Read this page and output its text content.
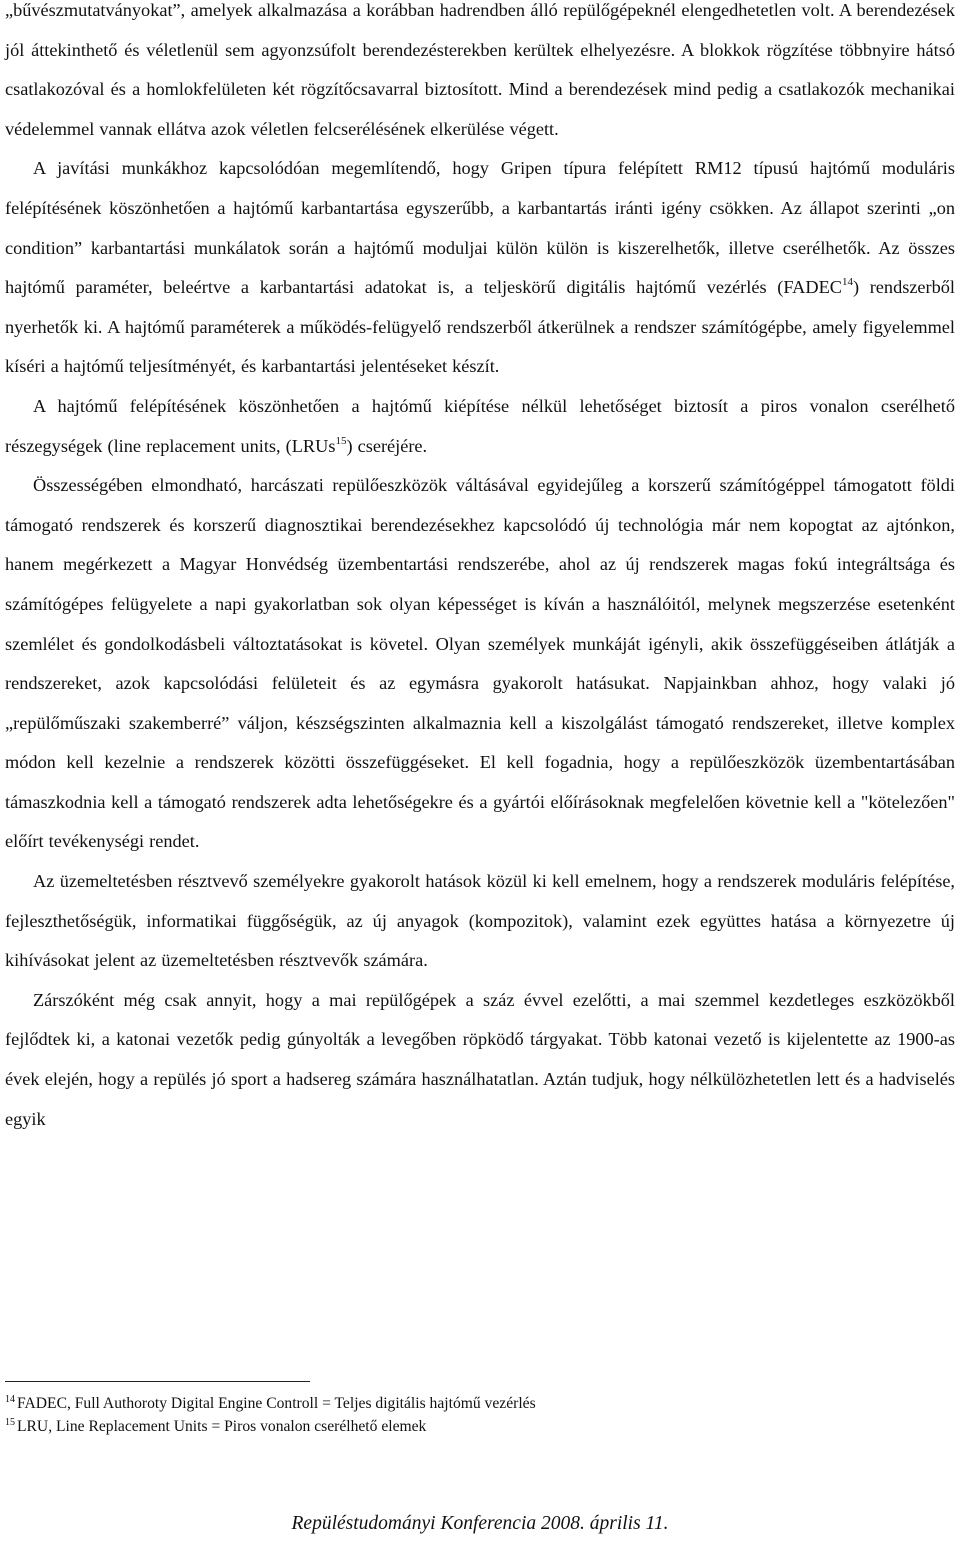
„bűvészmutatványokat”, amelyek alkalmazása a korábban hadrendben álló repülőgépeknél elengedhetetlen volt. A berendezések jól áttekinthető és véletlenül sem agyonzsúfolt berendezésterekben kerültek elhelyezésre. A blokkok rögzítése többnyire hátsó csatlakozóval és a homlokfelületen két rögzítőcsavarral biztosított. Mind a berendezések mind pedig a csatlakozók mechanikai védelemmel vannak ellátva azok véletlen felcserélésének elkerülése végett.

A javítási munkákhoz kapcsolódóan megemlítendő, hogy Gripen típura felépített RM12 típusú hajtómű moduláris felépítésének köszönhetően a hajtómű karbantartása egyszerűbb, a karbantartás iránti igény csökken. Az állapot szerinti „on condition” karbantartási munkálatok során a hajtómű moduljai külön külön is kiszerelhetők, illetve cserélhetők. Az összes hajtómű paraméter, beleértve a karbantartási adatokat is, a teljeskörű digitális hajtómű vezérlés (FADEC$^{14}$) rendszerből nyerhetők ki. A hajtómű paraméterek a működés-felügyelő rendszerből átkerülnek a rendszer számítógépbe, amely figyelemmel kíséri a hajtómű teljesítményét, és karbantartási jelentéseket készít.

A hajtómű felépítésének köszönhetően a hajtómű kiépítése nélkül lehetőséget biztosít a piros vonalon cserélhető részegységek (line replacement units, (LRUs$^{15}$) cseréjére.

Összességében elmondható, harcászati repülőeszközök váltásával egyidejűleg a korszerű számítógéppel támogatott földi támogató rendszerek és korszerű diagnosztikai berendezésekhez kapcsolódó új technológia már nem kopogtat az ajtónkon, hanem megérkezett a Magyar Honvédség üzembentartási rendszerébe, ahol az új rendszerek magas fokú integráltsága és számítógépes felügyelete a napi gyakorlatban sok olyan képességet is kíván a használóitól, melynek megszerzése esetenként szemlélet és gondolkodásbeli változtatásokat is követel. Olyan személyek munkáját igényli, akik összefüggéseiben átlátják a rendszereket, azok kapcsolódási felületeit és az egymásra gyakorolt hatásukat. Napjainkban ahhoz, hogy valaki jó „repülőműszaki szakemberré” váljon, készségszinten alkalmaznia kell a kiszolgálást támogató rendszereket, illetve komplex módon kell kezelnie a rendszerek közötti összefüggéseket. El kell fogadnia, hogy a repülőeszközök üzembentartásában támaszkodnia kell a támogató rendszerek adta lehetőségekre és a gyártói előírásoknak megfelelően követnie kell a "kötelezően" előírt tevékenységi rendet.

Az üzemeltetésben résztvevő személyekre gyakorolt hatások közül ki kell emelnem, hogy a rendszerek moduláris felépítése, fejleszthetőségük, informatikai függőségük, az új anyagok (kompozitok), valamint ezek együttes hatása a környezetre új kihívásokat jelent az üzemeltetésben résztvevők számára.

Zárszóként még csak annyit, hogy a mai repülőgépek a száz évvel ezelőtti, a mai szemmel kezdetleges eszközökből fejlődtek ki, a katonai vezetők pedig gúnyolták a levegőben röpködő tárgyakat. Több katonai vezető is kijelentette az 1900-as évek elején, hogy a repülés jó sport a hadsereg számára használhatatlan. Aztán tudjuk, hogy nélkülözhetetlen lett és a hadviselés egyik

$^{14}$ FADEC, Full Authoroty Digital Engine Controll = Teljes digitális hajtómű vezérlés

$^{15}$ LRU, Line Replacement Units = Piros vonalon cserélhető elemek

Repüléstudományi Konferencia 2008. április 11.
